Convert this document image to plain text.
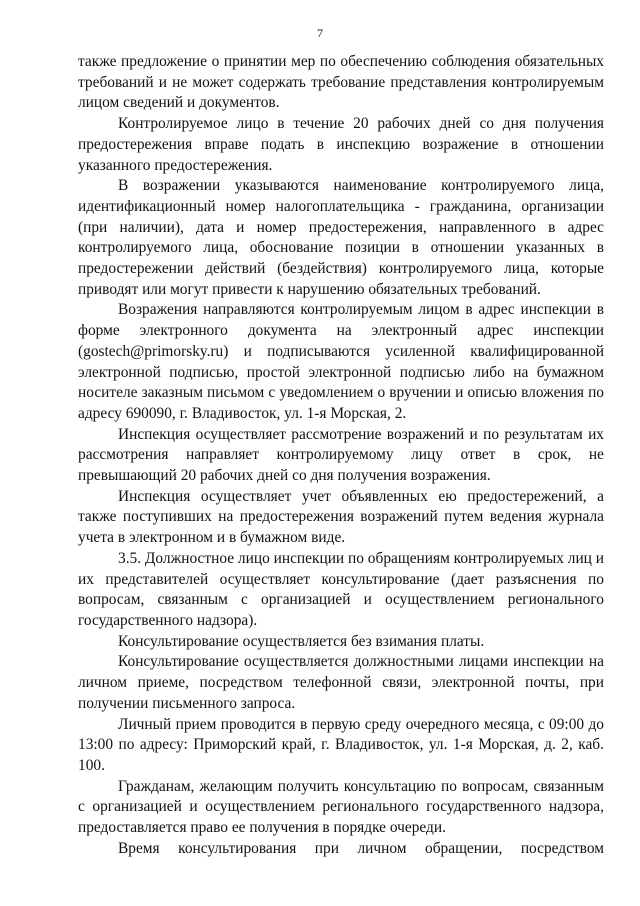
7

также предложение о принятии мер по обеспечению соблюдения обязательных требований и не может содержать требование представления контролируемым лицом сведений и документов.

Контролируемое лицо в течение 20 рабочих дней со дня получения предостережения вправе подать в инспекцию возражение в отношении указанного предостережения.

В возражении указываются наименование контролируемого лица, идентификационный номер налогоплательщика - гражданина, организации (при наличии), дата и номер предостережения, направленного в адрес контролируемого лица, обоснование позиции в отношении указанных в предостережении действий (бездействия) контролируемого лица, которые приводят или могут привести к нарушению обязательных требований.

Возражения направляются контролируемым лицом в адрес инспекции в форме электронного документа на электронный адрес инспекции (gostech@primorsky.ru) и подписываются усиленной квалифицированной электронной подписью, простой электронной подписью либо на бумажном носителе заказным письмом с уведомлением о вручении и описью вложения по адресу 690090, г. Владивосток, ул. 1-я Морская, 2.

Инспекция осуществляет рассмотрение возражений и по результатам их рассмотрения направляет контролируемому лицу ответ в срок, не превышающий 20 рабочих дней со дня получения возражения.

Инспекция осуществляет учет объявленных ею предостережений, а также поступивших на предостережения возражений путем ведения журнала учета в электронном и в бумажном виде.

3.5. Должностное лицо инспекции по обращениям контролируемых лиц и их представителей осуществляет консультирование (дает разъяснения по вопросам, связанным с организацией и осуществлением регионального государственного надзора).

Консультирование осуществляется без взимания платы.

Консультирование осуществляется должностными лицами инспекции на личном приеме, посредством телефонной связи, электронной почты, при получении письменного запроса.

Личный прием проводится в первую среду очередного месяца, с 09:00 до 13:00 по адресу: Приморский край, г. Владивосток, ул. 1-я Морская, д. 2, каб. 100.

Гражданам, желающим получить консультацию по вопросам, связанным с организацией и осуществлением регионального государственного надзора, предоставляется право ее получения в порядке очереди.

Время консультирования при личном обращении, посредством
